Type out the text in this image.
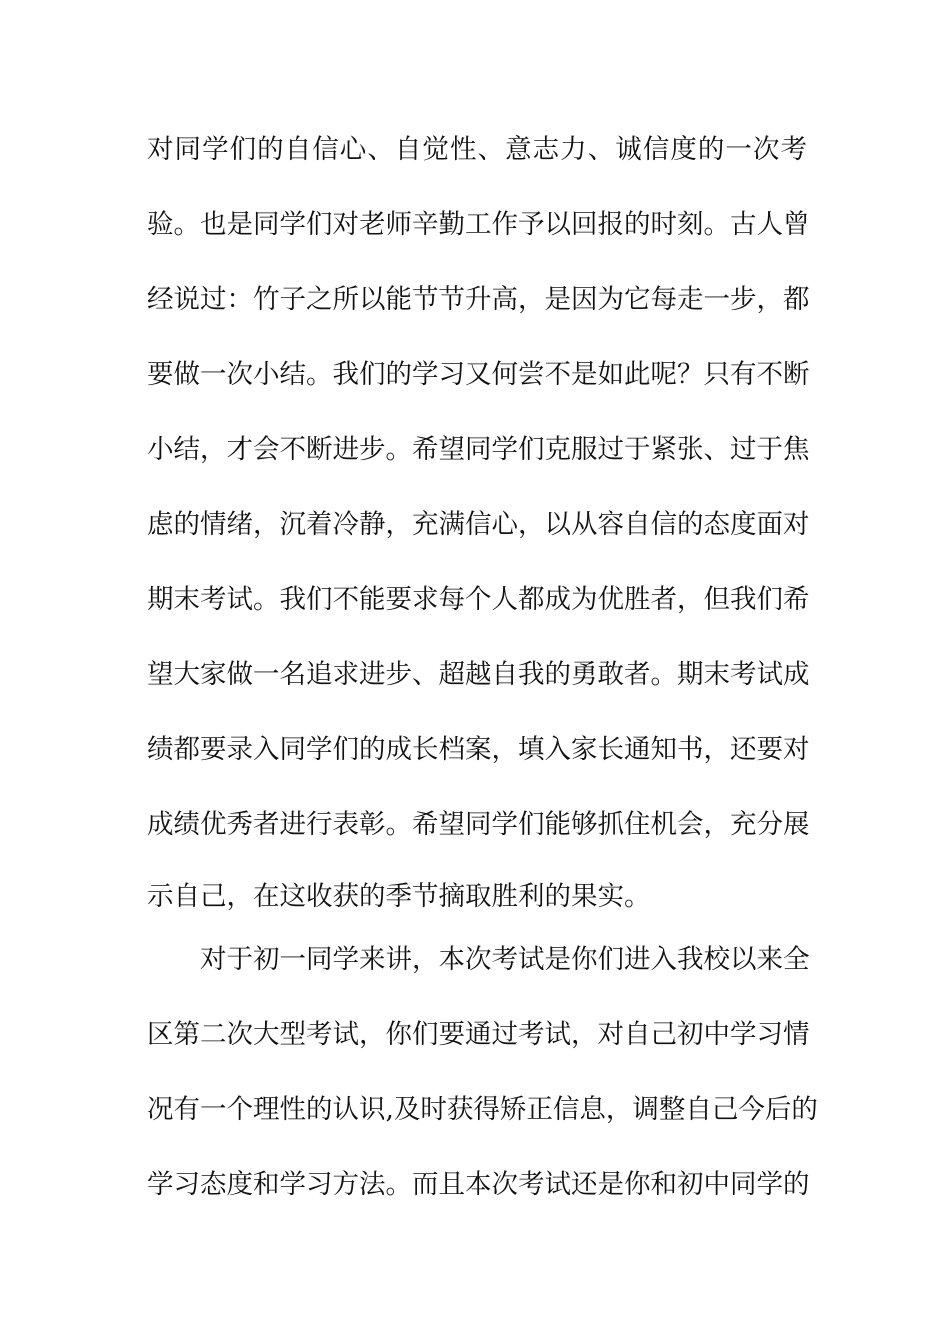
对同学们的自信心、自觉性、意志力、诚信度的一次考
验。也是同学们对老师辛勤工作予以回报的时刻。古人曾
经说过：竹子之所以能节节升高，是因为它每走一步，都
要做一次小结。我们的学习又何尝不是如此呢？只有不断
小结，才会不断进步。希望同学们克服过于紧张、过于焦
虑的情绪，沉着冷静，充满信心，以从容自信的态度面对
期末考试。我们不能要求每个人都成为优胜者，但我们希
望大家做一名追求进步、超越自我的勇敢者。期末考试成
绩都要录入同学们的成长档案，填入家长通知书，还要对
成绩优秀者进行表彰。希望同学们能够抓住机会，充分展
示自己，在这收获的季节摘取胜利的果实。
对于初一同学来讲，本次考试是你们进入我校以来全
区第二次大型考试，你们要通过考试，对自己初中学习情
况有一个理性的认识,及时获得矫正信息，调整自己今后的
学习态度和学习方法。而且本次考试还是你和初中同学的
